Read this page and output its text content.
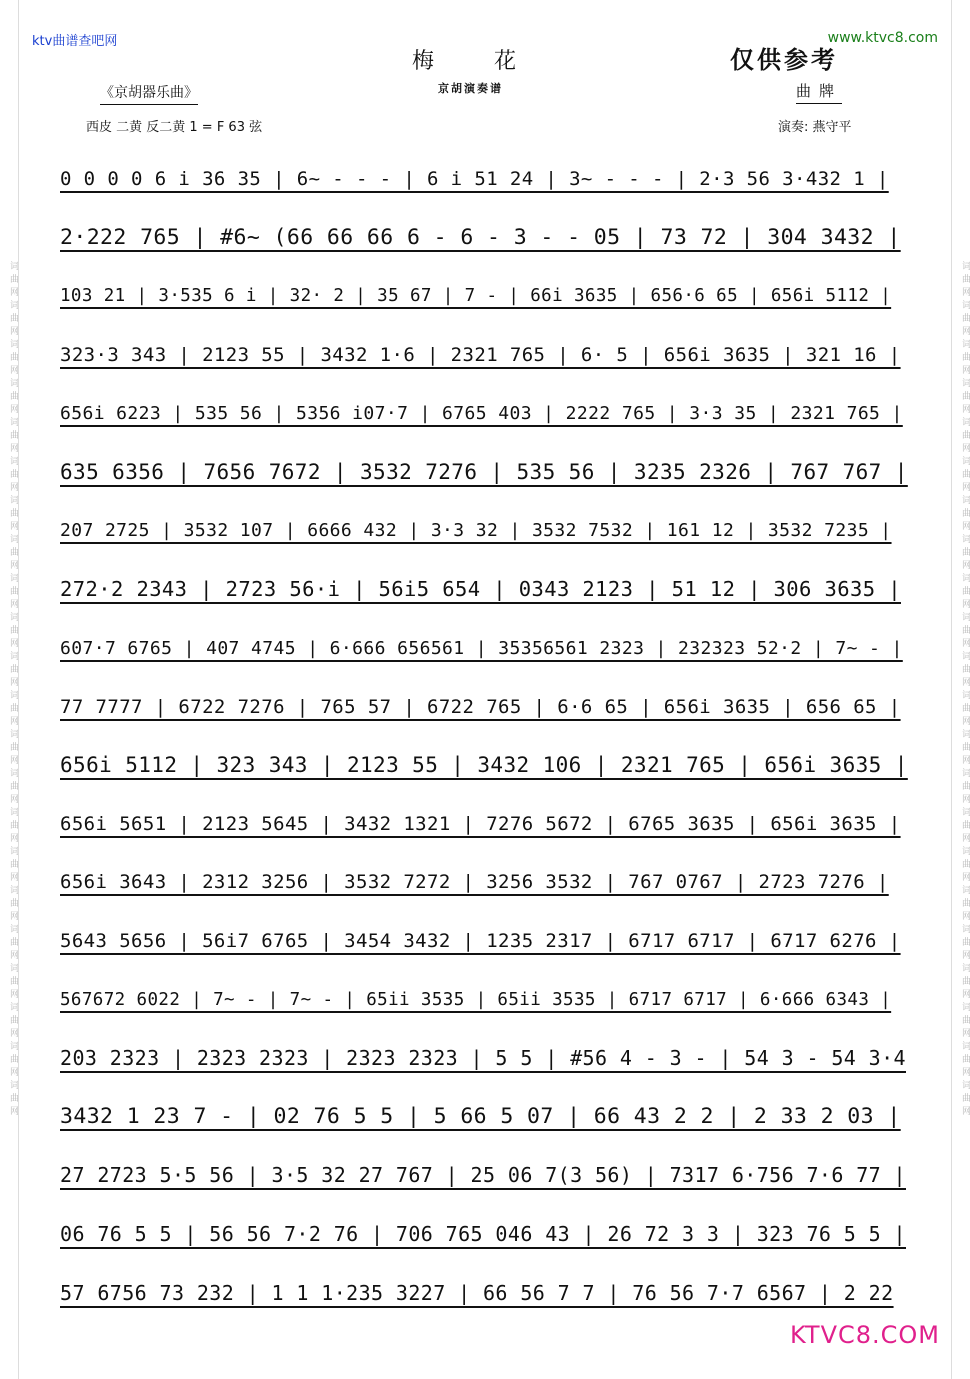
词曲网词曲网词曲网词曲网词曲网词曲网词曲网词曲网词曲网词曲网词曲网词曲网词曲网词曲网词曲网词曲网词曲网词曲网词曲网词曲网词曲网词曲网	词曲网词曲网词曲网词曲网词曲网词曲网词曲网词曲网词曲网词曲网词曲网词曲网词曲网词曲网词曲网词曲网词曲网词曲网词曲网词曲网词曲网词曲网
ktv曲谱查吧网	www.ktvc8.com
梅花	仅供参考
京胡演奏谱
《京胡器乐曲》	曲牌
西皮 二黄 反二黄 1 = F 63 弦	演奏: 燕守平
0 0 0 0 6 i 36 35 | 6~ - - - | 6 i 51 24 | 3~ - - - | 2·3 56 3·432 1 |
2·222 765 | #6~ (66 66 66 6 - 6 - 3 - - 05 | 73 72 | 304 3432 |
103 21 | 3·535 6 i | 32· 2 | 35 67 | 7 - | 66i 3635 | 656·6 65 | 656i 5112 |
323·3 343 | 2123 55 | 3432 1·6 | 2321 765 | 6· 5 | 656i 3635 | 321 16 |
656i 6223 | 535 56 | 5356 i07·7 | 6765 403 | 2222 765 | 3·3 35 | 2321 765 |
635 6356 | 7656 7672 | 3532 7276 | 535 56 | 3235 2326 | 767 767 |
207 2725 | 3532 107 | 6666 432 | 3·3 32 | 3532 7532 | 161 12 | 3532 7235 |
272·2 2343 | 2723 56·i | 56i5 654 | 0343 2123 | 51 12 | 306 3635 |
607·7 6765 | 407 4745 | 6·666 656561 | 35356561 2323 | 232323 52·2 | 7~ - |
77 7777 | 6722 7276 | 765 57 | 6722 765 | 6·6 65 | 656i 3635 | 656 65 |
656i 5112 | 323 343 | 2123 55 | 3432 106 | 2321 765 | 656i 3635 |
656i 5651 | 2123 5645 | 3432 1321 | 7276 5672 | 6765 3635 | 656i 3635 |
656i 3643 | 2312 3256 | 3532 7272 | 3256 3532 | 767 0767 | 2723 7276 |
5643 5656 | 56i7 6765 | 3454 3432 | 1235 2317 | 6717 6717 | 6717 6276 |
567672 6022 | 7~ - | 7~ - | 65ii 3535 | 65ii 3535 | 6717 6717 | 6·666 6343 |
203 2323 | 2323 2323 | 2323 2323 | 5 5 | #56 4 - 3 - | 54 3 - 54 3·4
3432 1 23 7 - | 02 76 5 5 | 5 66 5 07 | 66 43 2 2 | 2 33 2 03 |
27 2723 5·5 56 | 3·5 32 27 767 | 25 06 7(3 56) | 7317 6·756 7·6 77 |
06 76 5 5 | 56 56 7·2 76 | 706 765 046 43 | 26 72 3 3 | 323 76 5 5 |
57 6756 73 232 | 1 1 1·235 3227 | 66 56 7 7 | 76 56 7·7 6567 | 2 22
KTVC8.COM
